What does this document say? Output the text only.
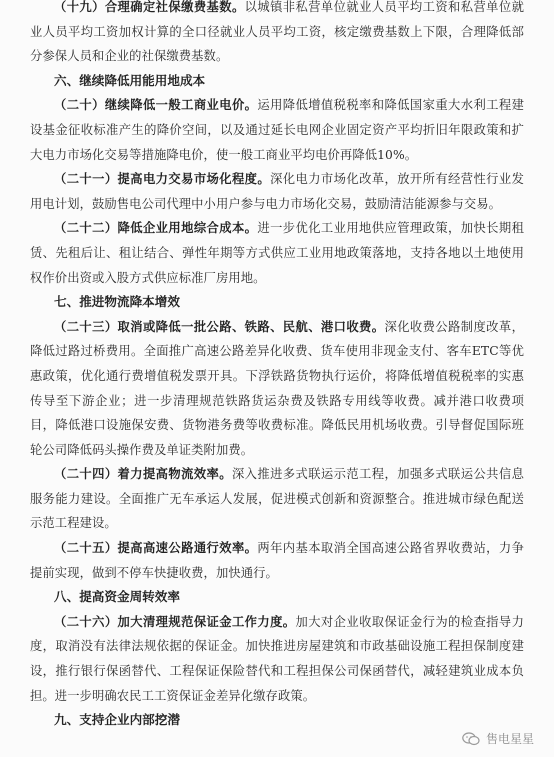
（十九）合理确定社保缴费基数。以城镇非私营单位就业人员平均工资和私营单位就业人员平均工资加权计算的全口径就业人员平均工资，核定缴费基数上下限，合理降低部分参保人员和企业的社保缴费基数。

六、继续降低用能用地成本

（二十）继续降低一般工商业电价。运用降低增值税税率和降低国家重大水利工程建设基金征收标准产生的降价空间，以及通过延长电网企业固定资产平均折旧年限政策和扩大电力市场化交易等措施降电价，使一般工商业平均电价再降低10%。

（二十一）提高电力交易市场化程度。深化电力市场化改革，放开所有经营性行业发用电计划，鼓励售电公司代理中小用户参与电力市场化交易，鼓励清洁能源参与交易。

（二十二）降低企业用地综合成本。进一步优化工业用地供应管理政策，加快长期租赁、先租后让、租让结合、弹性年期等方式供应工业用地政策落地，支持各地以土地使用权作价出资或入股方式供应标准厂房用地。

七、推进物流降本增效

（二十三）取消或降低一批公路、铁路、民航、港口收费。深化收费公路制度改革，降低过路过桥费用。全面推广高速公路差异化收费、货车使用非现金支付、客车ETC等优惠政策，优化通行费增值税发票开具。下浮铁路货物执行运价，将降低增值税税率的实惠传导至下游企业；进一步清理规范铁路货运杂费及铁路专用线等收费。减并港口收费项目，降低港口设施保安费、货物港务费等收费标准。降低民用机场收费。引导督促国际班轮公司降低码头操作费及单证类附加费。

（二十四）着力提高物流效率。深入推进多式联运示范工程，加强多式联运公共信息服务能力建设。全面推广无车承运人发展，促进模式创新和资源整合。推进城市绿色配送示范工程建设。

（二十五）提高高速公路通行效率。两年内基本取消全国高速公路省界收费站，力争提前实现，做到不停车快捷收费，加快通行。

八、提高资金周转效率

（二十六）加大清理规范保证金工作力度。加大对企业收取保证金行为的检查指导力度，取消没有法律法规依据的保证金。加快推进房屋建筑和市政基础设施工程担保制度建设，推行银行保函替代、工程保证保险替代和工程担保公司保函替代，减轻建筑业成本负担。进一步明确农民工工资保证金差异化缴存政策。

九、支持企业内部挖潜

售电星星
